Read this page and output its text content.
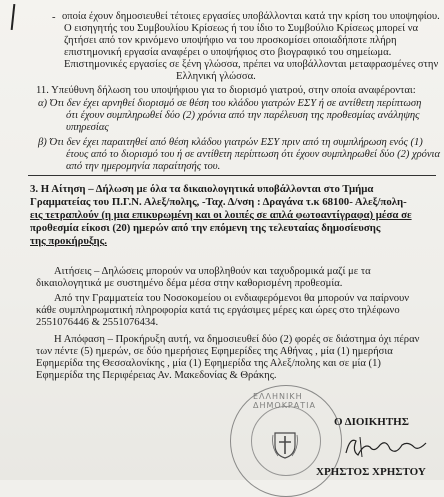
- οποία έχουν δημοσιευθεί τέτοιες εργασίες υποβάλλονται κατά την κρίση του υποψηφίου.
Ο εισηγητής του Συμβουλίου Κρίσεως ή του ίδιο το Συμβούλιο Κρίσεως μπορεί να
ζητήσει από τον κρινόμενο υποψήφιο να του προσκομίσει οποιαδήποτε πλήρη
επιστημονική εργασία αναφέρει ο υποψήφιος στο βιογραφικό του σημείωμα.
Επιστημονικές εργασίες σε ξένη γλώσσα, πρέπει να υποβάλλονται μεταφρασμένες στην
Ελληνική γλώσσα.
11. Υπεύθυνη δήλωση του υποψήφιου για το διορισμό γιατρού, στην οποία αναφέρονται:
α) Ότι δεν έχει αρνηθεί διορισμό σε θέση του κλάδου γιατρών ΕΣΥ ή σε αντίθετη περίπτωση
ότι έχουν συμπληρωθεί δύο (2) χρόνια από την παρέλευση της προθεσμίας ανάληψης
υπηρεσίας
β) Ότι δεν έχει παραιτηθεί από θέση κλάδου γιατρών ΕΣΥ πριν από τη συμπλήρωση ενός (1)
έτους από το διορισμό του ή σε αντίθετη περίπτωση ότι έχουν συμπληρωθεί δύο (2) χρόνια
από την ημερομηνία παραίτησής του.
3. Η Αίτηση – Δήλωση με όλα τα δικαιολογητικά υποβάλλονται στο Τμήμα
Γραμματείας του Π.Γ.Ν. Αλεξ/πολης, -Ταχ. Δ/νση : Δραγάνα τ.κ 68100- Αλεξ/πολη-
εις τετραπλούν (η μια επικυρωμένη και οι λοιπές σε απλά φωτοαντίγραφα) μέσα σε
προθεσμία είκοσι (20) ημερών από την επόμενη της τελευταίας δημοσίευσης
της προκήρυξης.
Αιτήσεις – Δηλώσεις μπορούν να υποβληθούν και ταχυδρομικά μαζί με τα
δικαιολογητικά με συστημένο δέμα μέσα στην καθορισμένη προθεσμία.
Από την Γραμματεία του Νοσοκομείου οι ενδιαφερόμενοι θα μπορούν να παίρνουν
κάθε συμπληρωματική πληροφορία κατά τις εργάσιμες μέρες και ώρες στο τηλέφωνο
2551076446 & 2551076434.
Η Απόφαση – Προκήρυξη αυτή, να δημοσιευθεί δύο (2) φορές σε διάστημα όχι πέραν
των πέντε (5) ημερών, σε δύο ημερήσιες Εφημερίδες της Αθήνας , μία (1) ημερήσια
Εφημερίδα της Θεσσαλονίκης , μία (1) Εφημερίδα της Αλεξ/πολης και σε μία (1)
Εφημερίδα της Περιφέρειας Αν. Μακεδονίας & Θράκης.
ΕΛΛΗΝΙΚΗ ΔΗΜΟΚΡΑΤΙΑ
Ο ΔΙΟΙΚΗΤΗΣ
ΧΡΗΣΤΟΣ ΧΡΗΣΤΟΥ
